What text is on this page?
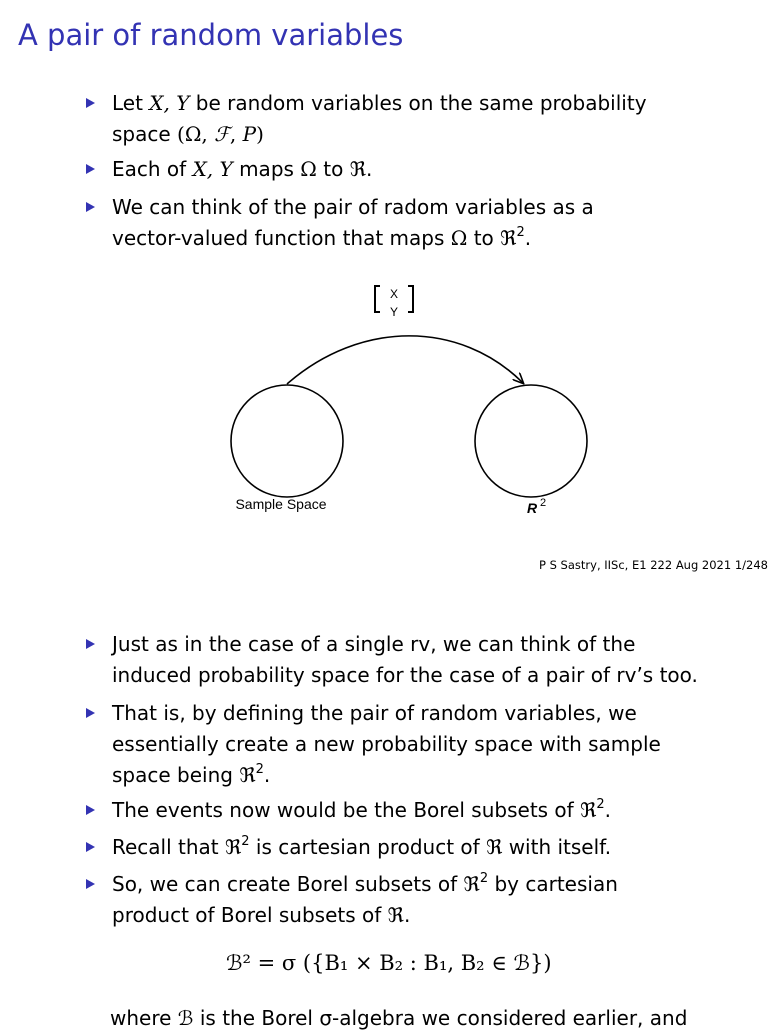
A pair of random variables
Let X, Y be random variables on the same probability
space (Ω, ℱ, P)
Each of X, Y maps Ω to ℜ.
We can think of the pair of radom variables as a
vector-valued function that maps Ω to ℜ$^2$.
X
Y
Sample Space	R 2
P S Sastry, IISc, E1 222 Aug 2021 1/248
Just as in the case of a single rv, we can think of the
induced probability space for the case of a pair of rv’s too.
That is, by defining the pair of random variables, we
essentially create a new probability space with sample
space being ℜ$^2$.
The events now would be the Borel subsets of ℜ$^2$.
Recall that ℜ$^2$ is cartesian product of ℜ with itself.
So, we can create Borel subsets of ℜ$^2$ by cartesian
product of Borel subsets of ℜ.
ℬ² = σ ({B₁ × B₂ : B₁, B₂ ∈ ℬ})
where ℬ is the Borel σ-algebra we considered earlier, and
